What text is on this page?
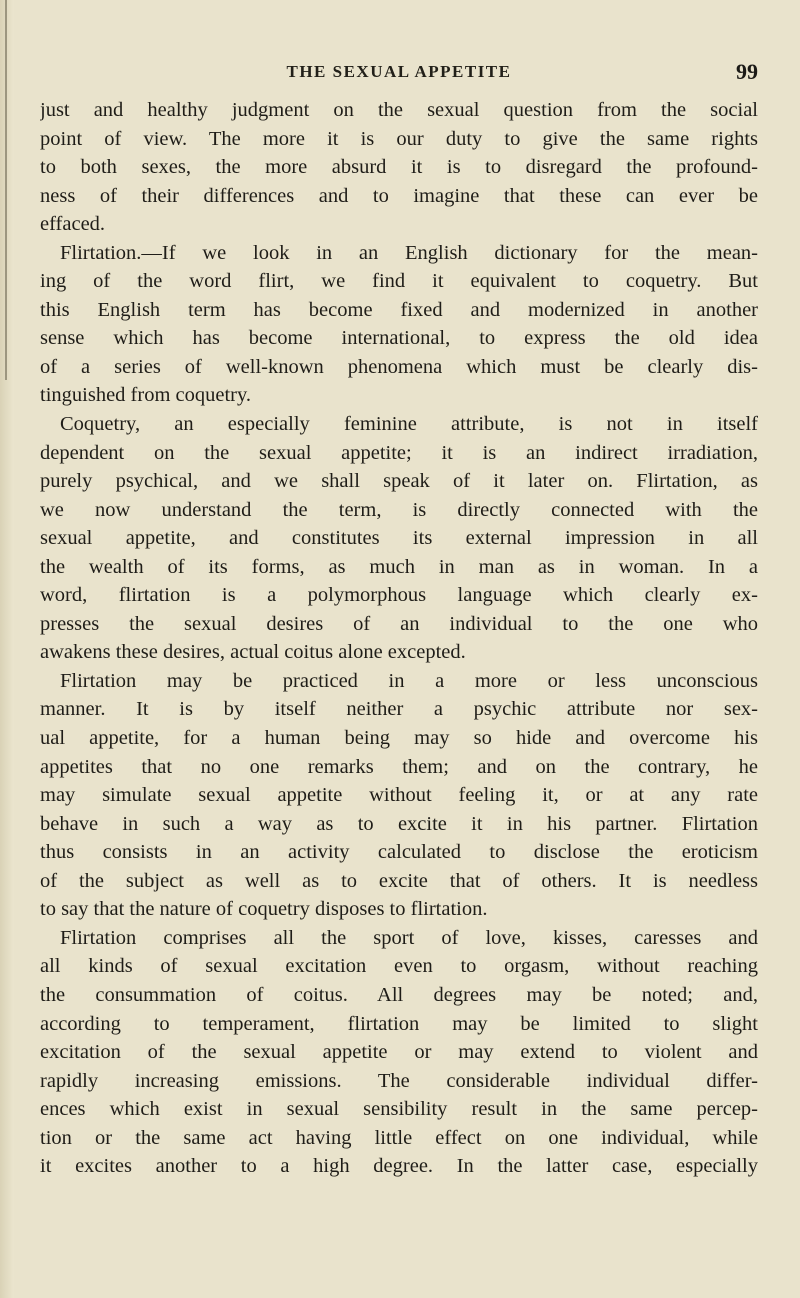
THE SEXUAL APPETITE	99
just and healthy judgment on the sexual question from the social
point of view. The more it is our duty to give the same rights
to both sexes, the more absurd it is to disregard the profound-
ness of their differences and to imagine that these can ever be
effaced.
Flirtation.—If we look in an English dictionary for the mean-
ing of the word flirt, we find it equivalent to coquetry. But
this English term has become fixed and modernized in another
sense which has become international, to express the old idea
of a series of well-known phenomena which must be clearly dis-
tinguished from coquetry.
Coquetry, an especially feminine attribute, is not in itself
dependent on the sexual appetite; it is an indirect irradiation,
purely psychical, and we shall speak of it later on. Flirtation, as
we now understand the term, is directly connected with the
sexual appetite, and constitutes its external impression in all
the wealth of its forms, as much in man as in woman. In a
word, flirtation is a polymorphous language which clearly ex-
presses the sexual desires of an individual to the one who
awakens these desires, actual coitus alone excepted.
Flirtation may be practiced in a more or less unconscious
manner. It is by itself neither a psychic attribute nor sex-
ual appetite, for a human being may so hide and overcome his
appetites that no one remarks them; and on the contrary, he
may simulate sexual appetite without feeling it, or at any rate
behave in such a way as to excite it in his partner. Flirtation
thus consists in an activity calculated to disclose the eroticism
of the subject as well as to excite that of others. It is needless
to say that the nature of coquetry disposes to flirtation.
Flirtation comprises all the sport of love, kisses, caresses and
all kinds of sexual excitation even to orgasm, without reaching
the consummation of coitus. All degrees may be noted; and,
according to temperament, flirtation may be limited to slight
excitation of the sexual appetite or may extend to violent and
rapidly increasing emissions. The considerable individual differ-
ences which exist in sexual sensibility result in the same percep-
tion or the same act having little effect on one individual, while
it excites another to a high degree. In the latter case, especially
